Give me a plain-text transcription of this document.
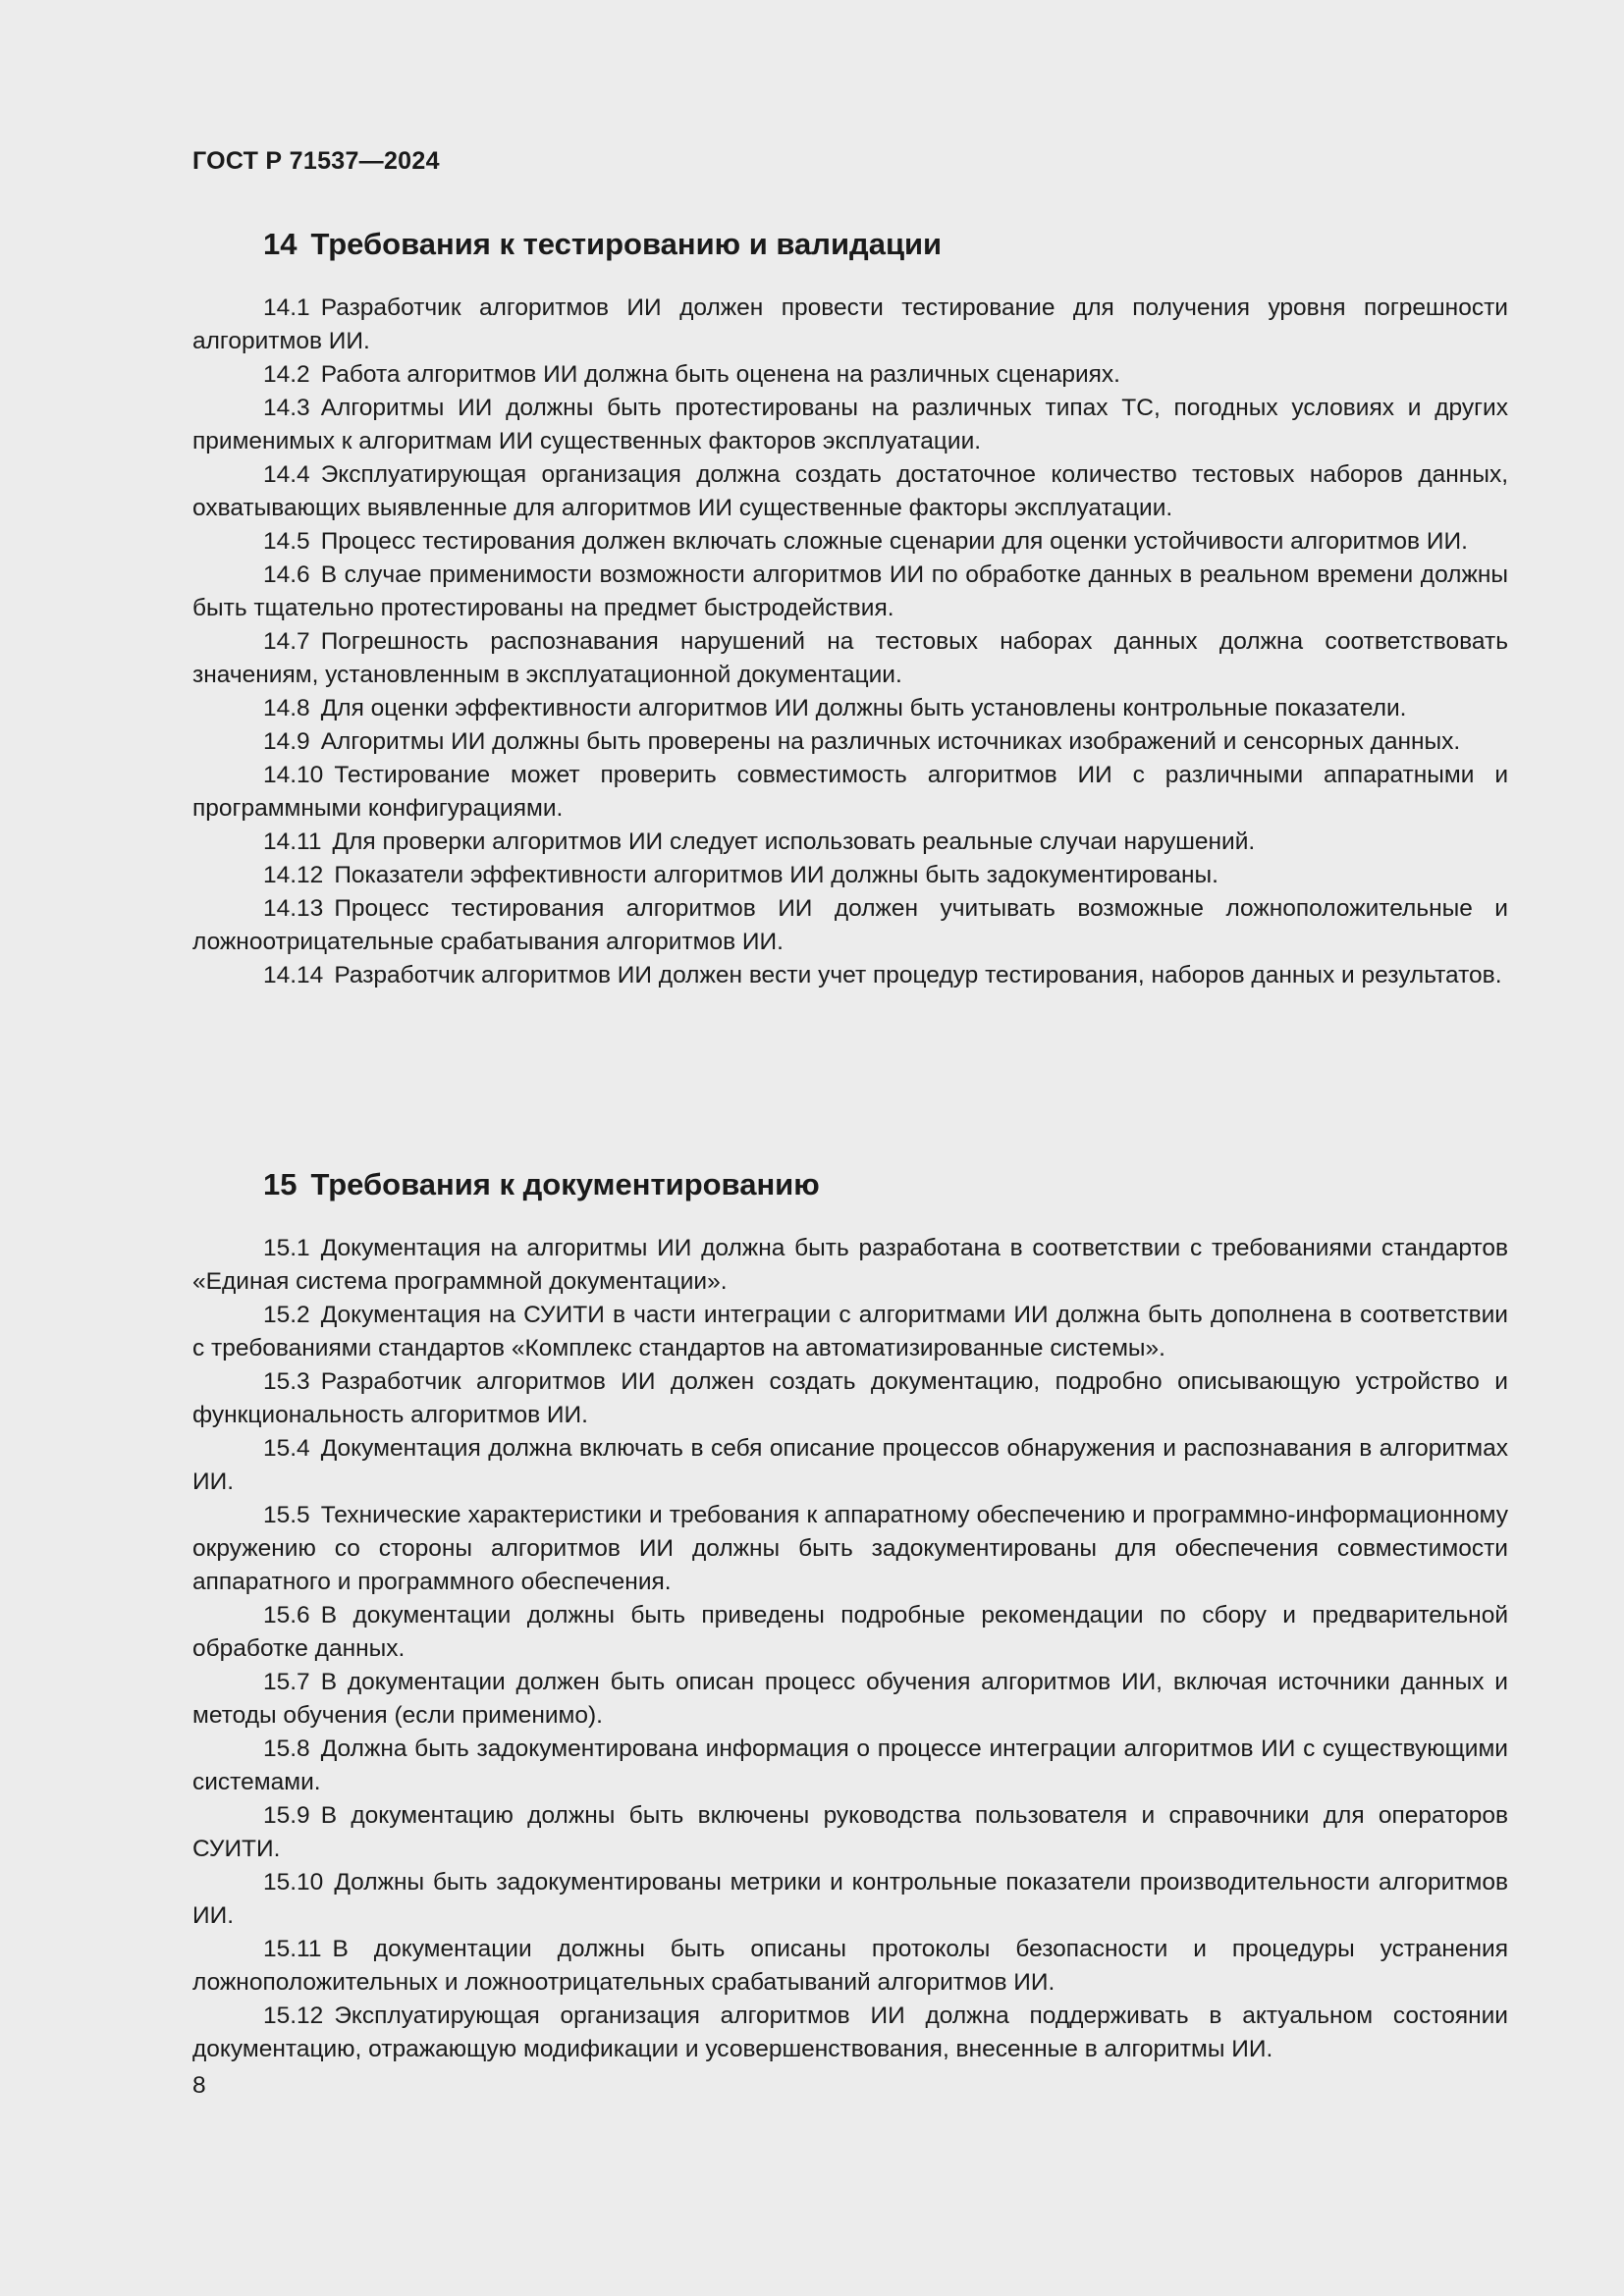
ГОСТ Р 71537—2024
14 Требования к тестированию и валидации

14.1 Разработчик алгоритмов ИИ должен провести тестирование для получения уровня погрешности алгоритмов ИИ.

14.2 Работа алгоритмов ИИ должна быть оценена на различных сценариях.

14.3 Алгоритмы ИИ должны быть протестированы на различных типах ТС, погодных условиях и других применимых к алгоритмам ИИ существенных факторов эксплуатации.

14.4 Эксплуатирующая организация должна создать достаточное количество тестовых наборов данных, охватывающих выявленные для алгоритмов ИИ существенные факторы эксплуатации.

14.5 Процесс тестирования должен включать сложные сценарии для оценки устойчивости алгоритмов ИИ.

14.6 В случае применимости возможности алгоритмов ИИ по обработке данных в реальном времени должны быть тщательно протестированы на предмет быстродействия.

14.7 Погрешность распознавания нарушений на тестовых наборах данных должна соответствовать значениям, установленным в эксплуатационной документации.

14.8 Для оценки эффективности алгоритмов ИИ должны быть установлены контрольные показатели.

14.9 Алгоритмы ИИ должны быть проверены на различных источниках изображений и сенсорных данных.

14.10 Тестирование может проверить совместимость алгоритмов ИИ с различными аппаратными и программными конфигурациями.

14.11 Для проверки алгоритмов ИИ следует использовать реальные случаи нарушений.

14.12 Показатели эффективности алгоритмов ИИ должны быть задокументированы.

14.13 Процесс тестирования алгоритмов ИИ должен учитывать возможные ложноположительные и ложноотрицательные срабатывания алгоритмов ИИ.

14.14 Разработчик алгоритмов ИИ должен вести учет процедур тестирования, наборов данных и результатов.

15 Требования к документированию

15.1 Документация на алгоритмы ИИ должна быть разработана в соответствии с требованиями стандартов «Единая система программной документации».

15.2 Документация на СУИТИ в части интеграции с алгоритмами ИИ должна быть дополнена в соответствии с требованиями стандартов «Комплекс стандартов на автоматизированные системы».

15.3 Разработчик алгоритмов ИИ должен создать документацию, подробно описывающую устройство и функциональность алгоритмов ИИ.

15.4 Документация должна включать в себя описание процессов обнаружения и распознавания в алгоритмах ИИ.

15.5 Технические характеристики и требования к аппаратному обеспечению и программно-информационному окружению со стороны алгоритмов ИИ должны быть задокументированы для обеспечения совместимости аппаратного и программного обеспечения.

15.6 В документации должны быть приведены подробные рекомендации по сбору и предварительной обработке данных.

15.7 В документации должен быть описан процесс обучения алгоритмов ИИ, включая источники данных и методы обучения (если применимо).

15.8 Должна быть задокументирована информация о процессе интеграции алгоритмов ИИ с существующими системами.

15.9 В документацию должны быть включены руководства пользователя и справочники для операторов СУИТИ.

15.10 Должны быть задокументированы метрики и контрольные показатели производительности алгоритмов ИИ.

15.11 В документации должны быть описаны протоколы безопасности и процедуры устранения ложноположительных и ложноотрицательных срабатываний алгоритмов ИИ.

15.12 Эксплуатирующая организация алгоритмов ИИ должна поддерживать в актуальном состоянии документацию, отражающую модификации и усовершенствования, внесенные в алгоритмы ИИ.

8
